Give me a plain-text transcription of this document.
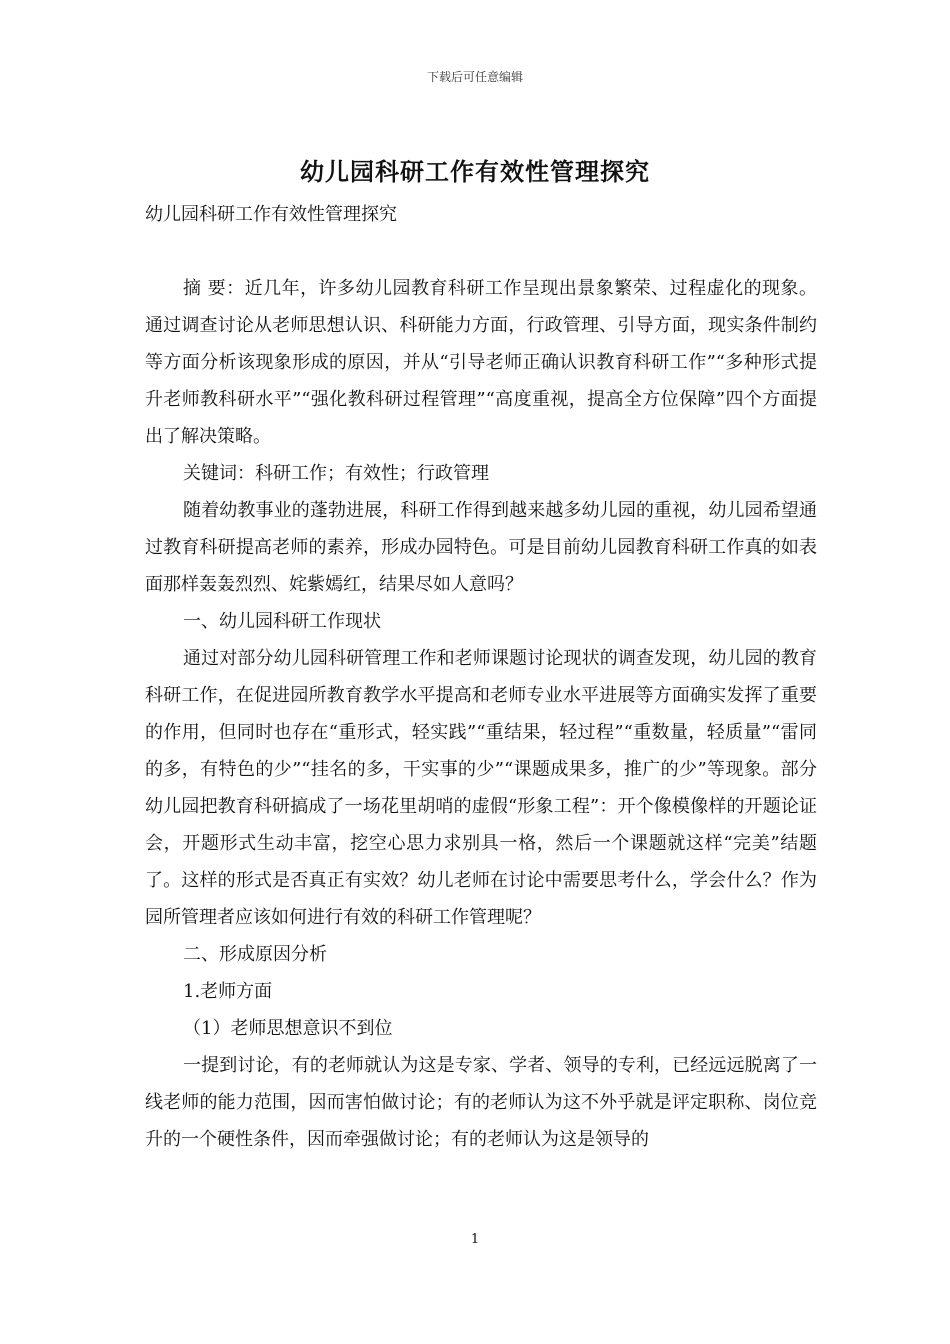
下载后可任意编辑
幼儿园科研工作有效性管理探究

幼儿园科研工作有效性管理探究

摘 要：近几年，许多幼儿园教育科研工作呈现出景象繁荣、过程虚化的现象。通过调查讨论从老师思想认识、科研能力方面，行政管理、引导方面，现实条件制约等方面分析该现象形成的原因，并从“引导老师正确认识教育科研工作”“多种形式提升老师教科研水平”“强化教科研过程管理”“高度重视，提高全方位保障”四个方面提出了解决策略。

关键词：科研工作；有效性；行政管理

随着幼教事业的蓬勃进展，科研工作得到越来越多幼儿园的重视，幼儿园希望通过教育科研提高老师的素养，形成办园特色。可是目前幼儿园教育科研工作真的如表面那样轰轰烈烈、姹紫嫣红，结果尽如人意吗？

一、幼儿园科研工作现状

通过对部分幼儿园科研管理工作和老师课题讨论现状的调查发现，幼儿园的教育科研工作，在促进园所教育教学水平提高和老师专业水平进展等方面确实发挥了重要的作用，但同时也存在“重形式，轻实践”“重结果，轻过程”“重数量，轻质量”“雷同的多，有特色的少”“挂名的多，干实事的少”“课题成果多，推广的少”等现象。部分幼儿园把教育科研搞成了一场花里胡哨的虚假“形象工程”：开个像模像样的开题论证会，开题形式生动丰富，挖空心思力求别具一格，然后一个课题就这样“完美”结题了。这样的形式是否真正有实效？幼儿老师在讨论中需要思考什么，学会什么？作为园所管理者应该如何进行有效的科研工作管理呢？

二、形成原因分析

1.老师方面

（1）老师思想意识不到位

一提到讨论，有的老师就认为这是专家、学者、领导的专利，已经远远脱离了一线老师的能力范围，因而害怕做讨论；有的老师认为这不外乎就是评定职称、岗位竞升的一个硬性条件，因而牵强做讨论；有的老师认为这是领导的

1
